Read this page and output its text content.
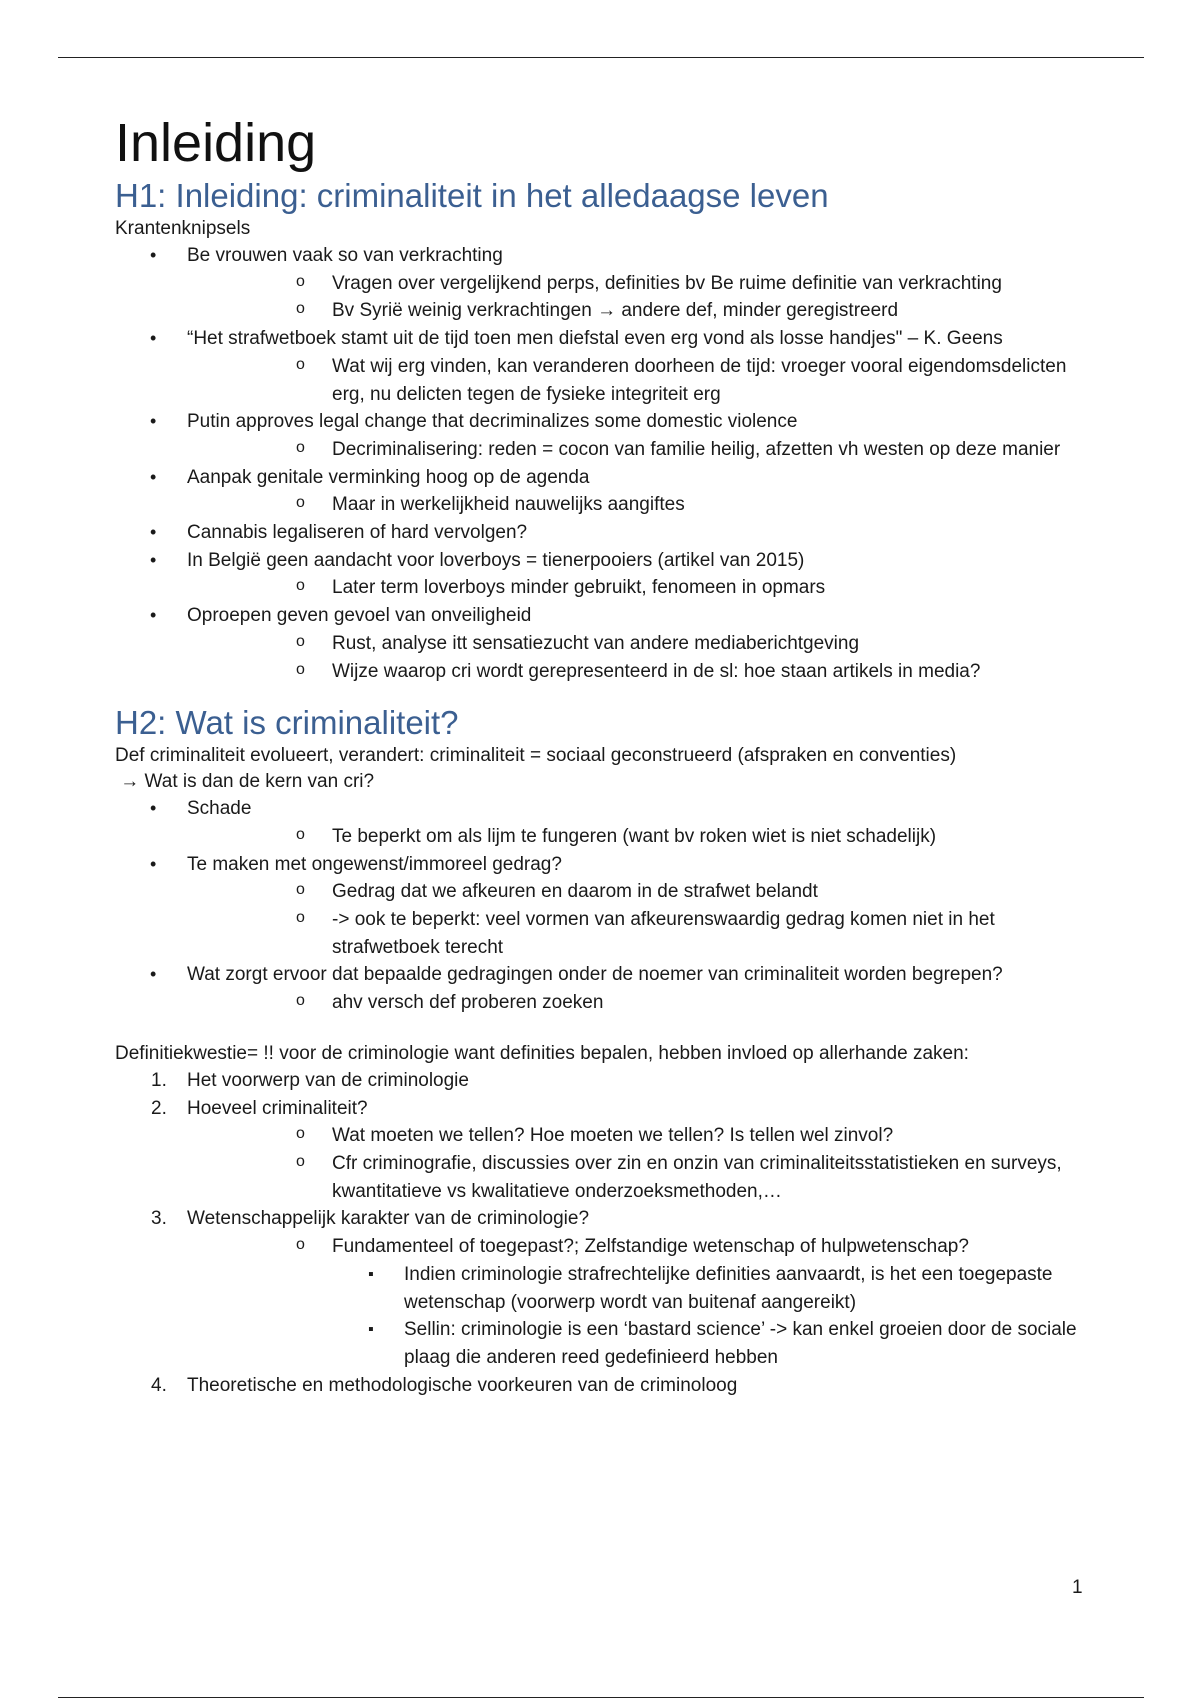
Inleiding
H1: Inleiding: criminaliteit in het alledaagse leven

Krantenknipsels

• Be vrouwen vaak so van verkrachting
o Vragen over vergelijkend perps, definities bv Be ruime definitie van verkrachting
o Bv Syrië weinig verkrachtingen → andere def, minder geregistreerd
• “Het strafwetboek stamt uit de tijd toen men diefstal even erg vond als losse handjes" – K. Geens
o Wat wij erg vinden, kan veranderen doorheen de tijd: vroeger vooral eigendomsdelicten erg, nu delicten tegen de fysieke integriteit erg
• Putin approves legal change that decriminalizes some domestic violence
o Decriminalisering: reden = cocon van familie heilig, afzetten vh westen op deze manier
• Aanpak genitale verminking hoog op de agenda
o Maar in werkelijkheid nauwelijks aangiftes
• Cannabis legaliseren of hard vervolgen?
• In België geen aandacht voor loverboys = tienerpooiers (artikel van 2015)
o Later term loverboys minder gebruikt, fenomeen in opmars
• Oproepen geven gevoel van onveiligheid
o Rust, analyse itt sensatiezucht van andere mediaberichtgeving
o Wijze waarop cri wordt gerepresenteerd in de sl: hoe staan artikels in media?
H2: Wat is criminaliteit?

Def criminaliteit evolueert, verandert: criminaliteit = sociaal geconstrueerd (afspraken en conventies)

→ Wat is dan de kern van cri?

• Schade
o Te beperkt om als lijm te fungeren (want bv roken wiet is niet schadelijk)
• Te maken met ongewenst/immoreel gedrag?
o Gedrag dat we afkeuren en daarom in de strafwet belandt
o -> ook te beperkt: veel vormen van afkeurenswaardig gedrag komen niet in het strafwetboek terecht
• Wat zorgt ervoor dat bepaalde gedragingen onder de noemer van criminaliteit worden begrepen?
o ahv versch def proberen zoeken

Definitiekwestie= !! voor de criminologie want definities bepalen, hebben invloed op allerhande zaken:

1. Het voorwerp van de criminologie
2. Hoeveel criminaliteit?
o Wat moeten we tellen? Hoe moeten we tellen? Is tellen wel zinvol?
o Cfr criminografie, discussies over zin en onzin van criminaliteitsstatistieken en surveys, kwantitatieve vs kwalitatieve onderzoeksmethoden,…
3. Wetenschappelijk karakter van de criminologie?
o Fundamenteel of toegepast?; Zelfstandige wetenschap of hulpwetenschap?
▪ Indien criminologie strafrechtelijke definities aanvaardt, is het een toegepaste wetenschap (voorwerp wordt van buitenaf aangereikt)
▪ Sellin: criminologie is een ‘bastard science’ -> kan enkel groeien door de sociale plaag die anderen reed gedefinieerd hebben
4. Theoretische en methodologische voorkeuren van de criminoloog
1
